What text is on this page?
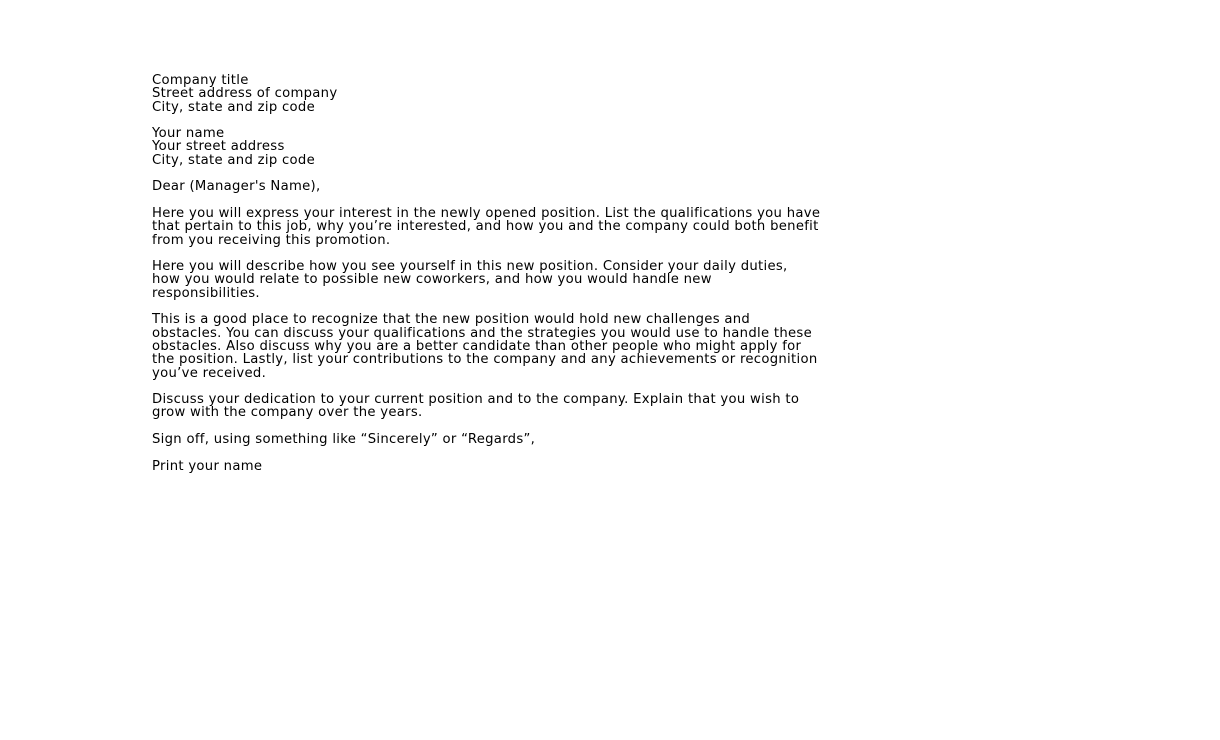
Company title
Street address of company
City, state and zip code
Your name
Your street address
City, state and zip code
Dear (Manager's Name),
Here you will express your interest in the newly opened position. List the qualifications you have
that pertain to this job, why you’re interested, and how you and the company could both benefit
from you receiving this promotion.
Here you will describe how you see yourself in this new position. Consider your daily duties,
how you would relate to possible new coworkers, and how you would handle new
responsibilities.
This is a good place to recognize that the new position would hold new challenges and
obstacles. You can discuss your qualifications and the strategies you would use to handle these
obstacles. Also discuss why you are a better candidate than other people who might apply for
the position. Lastly, list your contributions to the company and any achievements or recognition
you’ve received.
Discuss your dedication to your current position and to the company. Explain that you wish to
grow with the company over the years.
Sign off, using something like “Sincerely” or “Regards”,
Print your name
